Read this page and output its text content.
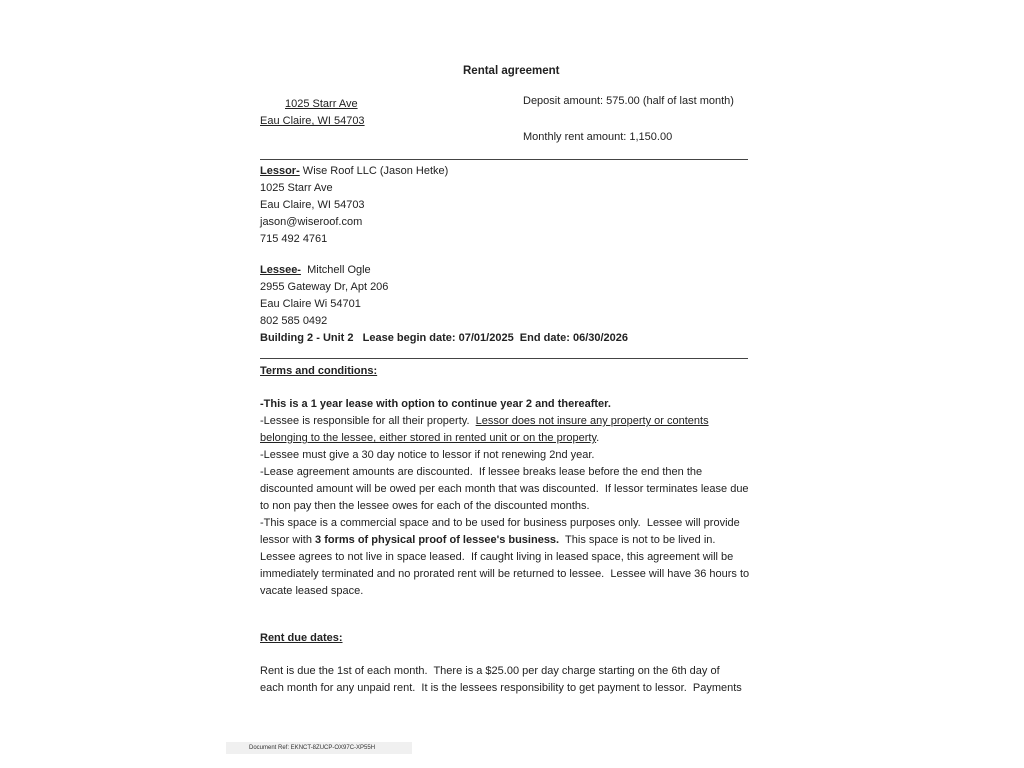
Rental agreement
1025 Starr Ave
Eau Claire, WI 54703
Deposit amount: 575.00 (half of last month)
Monthly rent amount: 1,150.00
Lessor- Wise Roof LLC (Jason Hetke)
1025 Starr Ave
Eau Claire, WI 54703
jason@wiseroof.com
715 492 4761
Lessee-  Mitchell Ogle
2955 Gateway Dr, Apt 206
Eau Claire Wi 54701
802 585 0492
Building 2 - Unit 2   Lease begin date: 07/01/2025  End date: 06/30/2026
Terms and conditions:
-This is a 1 year lease with option to continue year 2 and thereafter.
-Lessee is responsible for all their property.  Lessor does not insure any property or contents
belonging to the lessee, either stored in rented unit or on the property.
-Lessee must give a 30 day notice to lessor if not renewing 2nd year.
-Lease agreement amounts are discounted.  If lessee breaks lease before the end then the
discounted amount will be owed per each month that was discounted.  If lessor terminates lease due
to non pay then the lessee owes for each of the discounted months.
-This space is a commercial space and to be used for business purposes only.  Lessee will provide
lessor with 3 forms of physical proof of lessee's business.  This space is not to be lived in.
Lessee agrees to not live in space leased.  If caught living in leased space, this agreement will be
immediately terminated and no prorated rent will be returned to lessee.  Lessee will have 36 hours to
vacate leased space.
Rent due dates:
Rent is due the 1st of each month.  There is a $25.00 per day charge starting on the 6th day of
each month for any unpaid rent.  It is the lessees responsibility to get payment to lessor.  Payments
Document Ref: EKNCT-8ZUCP-OX97C-XP55H
